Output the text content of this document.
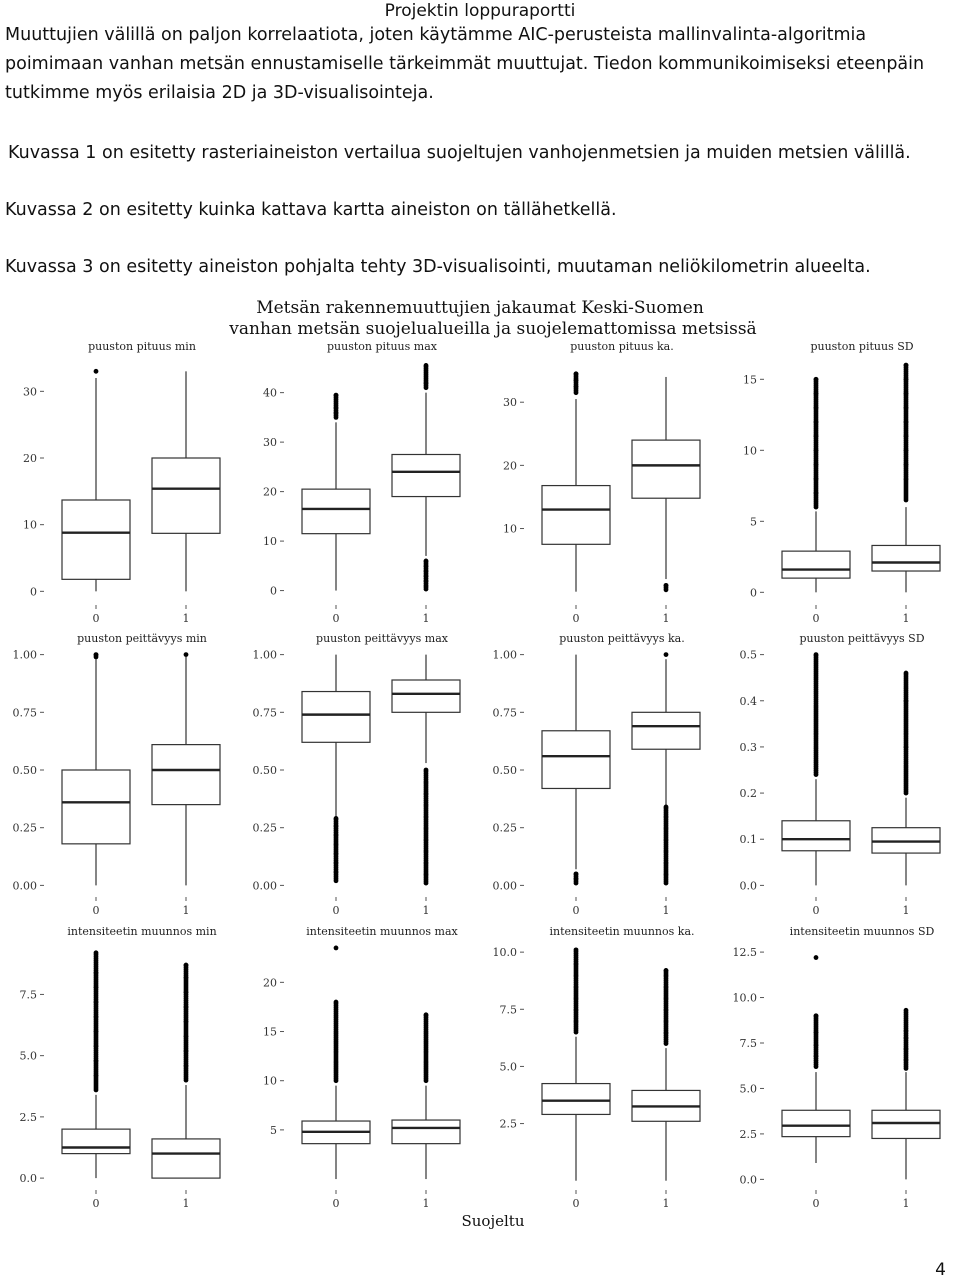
Projektin loppuraportti
Muuttujien välillä on paljon korrelaatiota, joten käytämme AIC-perusteista mallinvalinta-algoritmia poimimaan vanhan metsän ennustamiselle tärkeimmät muuttujat. Tiedon kommunikoimiseksi eteenpäin tutkimme myös erilaisia 2D ja 3D-visualisointeja.
Kuvassa 1 on esitetty rasteriaineiston vertailua suojeltujen vanhojenmetsien ja muiden metsien välillä.
Kuvassa 2 on esitetty kuinka kattava kartta aineiston on tällähetkellä.
Kuvassa 3 on esitetty aineiston pohjalta tehty 3D-visualisointi, muutaman neliökilometrin alueelta.
Metsän rakennemuuttujien jakaumat Keski-Suomen
vanhan metsän suojelualueilla ja suojelemattomissa metsissä
puuston pituus min
0
10
20
30
0	1
puuston pituus max
0
10
20
30
40
0	1
puuston pituus ka.
10
20
30
0	1
puuston pituus SD
0
5
10
15
0	1
puuston peittävyys min
0.00
0.25
0.50
0.75
1.00
0	1
puuston peittävyys max
0.00
0.25
0.50
0.75
1.00
0	1
puuston peittävyys ka.
0.00
0.25
0.50
0.75
1.00
0	1
puuston peittävyys SD
0.0
0.1
0.2
0.3
0.4
0.5
0	1
intensiteetin muunnos min
0.0
2.5
5.0
7.5
0	1
intensiteetin muunnos max
5
10
15
20
0	1
intensiteetin muunnos ka.
2.5
5.0
7.5
10.0
0	1
intensiteetin muunnos SD
0.0
2.5
5.0
7.5
10.0
12.5
0	1
Suojeltu
4
